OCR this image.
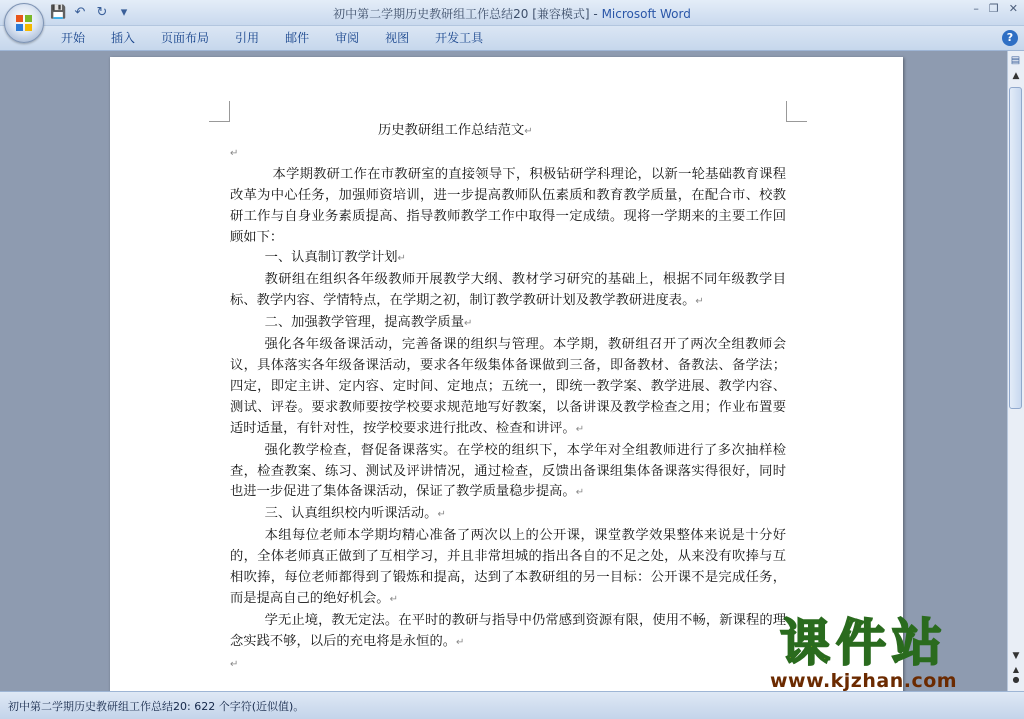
💾 ↶ ↻	▾	初中第二学期历史教研组工作总结20 [兼容模式] - Microsoft Word	– ❐ ✕
开始	插入	页面布局	引用	邮件	审阅	视图	开发工具	?

历史教研组工作总结范文↵

↵

本学期教研工作在市教研室的直接领导下，积极钻研学科理论，以新一轮基础教育课程改革为中心任务，加强师资培训，进一步提高教师队伍素质和教育教学质量，在配合市、校教研工作与自身业务素质提高、指导教师教学工作中取得一定成绩。现将一学期来的主要工作回顾如下：

一、认真制订教学计划↵

教研组在组织各年级教师开展教学大纲、教材学习研究的基础上，根据不同年级教学目标、教学内容、学情特点，在学期之初，制订教学教研计划及教学教研进度表。↵

二、加强教学管理，提高教学质量↵

强化各年级备课活动，完善备课的组织与管理。本学期，教研组召开了两次全组教师会议，具体落实各年级备课活动，要求各年级集体备课做到三备，即备教材、备教法、备学法；四定，即定主讲、定内容、定时间、定地点；五统一，即统一教学案、教学进展、教学内容、测试、评卷。要求教师要按学校要求规范地写好教案，以备讲课及教学检查之用；作业布置要适时适量，有针对性，按学校要求进行批改、检查和讲评。↵

强化教学检查，督促备课落实。在学校的组织下，本学年对全组教师进行了多次抽样检查，检查教案、练习、测试及评讲情况，通过检查，反馈出备课组集体备课落实得很好，同时也进一步促进了集体备课活动，保证了教学质量稳步提高。↵

三、认真组织校内听课活动。↵

本组每位老师本学期均精心准备了两次以上的公开课，课堂教学效果整体来说是十分好的，全体老师真正做到了互相学习，并且非常坦城的指出各自的不足之处，从来没有吹捧与互相吹捧，每位老师都得到了锻炼和提高，达到了本教研组的另一目标：公开课不是完成任务，而是提高自己的绝好机会。↵

学无止境，教无定法。在平时的教研与指导中仍常感到资源有限，使用不畅，新课程的理念实践不够，以后的充电将是永恒的。↵

↵

▤
▲
▼
▲
●
初中第二学期历史教研组工作总结20: 622 个字符(近似值)。
课件站
www.kjzhan.com
